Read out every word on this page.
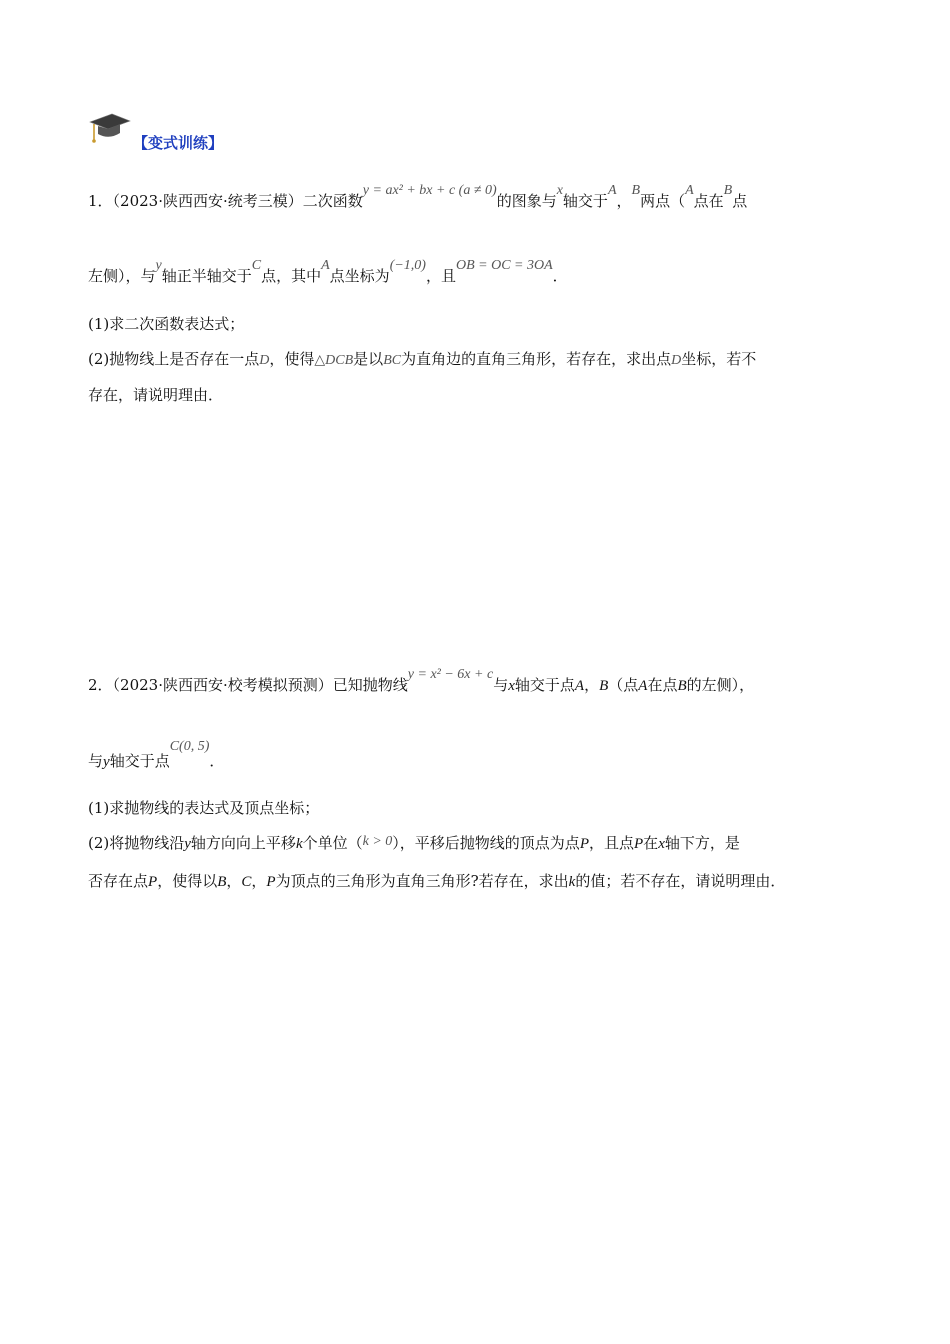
【变式训练】
1．（2023·陕西西安·统考三模）二次函数y = ax² + bx + c (a ≠ 0)的图象与x轴交于A，B两点（A点在B点
左侧），与y轴正半轴交于C点，其中A点坐标为(−1,0)，且OB = OC = 3OA．
(1)求二次函数表达式；
(2)抛物线上是否存在一点D，使得△DCB是以BC为直角边的直角三角形，若存在，求出点D坐标，若不
存在，请说明理由．
2．（2023·陕西西安·校考模拟预测）已知抛物线y = x² − 6x + c与x轴交于点A，B（点A在点B的左侧），
与y轴交于点C(0, 5)．
(1)求抛物线的表达式及顶点坐标；
(2)将抛物线沿y轴方向向上平移k个单位（k > 0），平移后抛物线的顶点为点P，且点P在x轴下方，是
否存在点P，使得以B，C，P为顶点的三角形为直角三角形?若存在，求出k的值；若不存在，请说明理由．
